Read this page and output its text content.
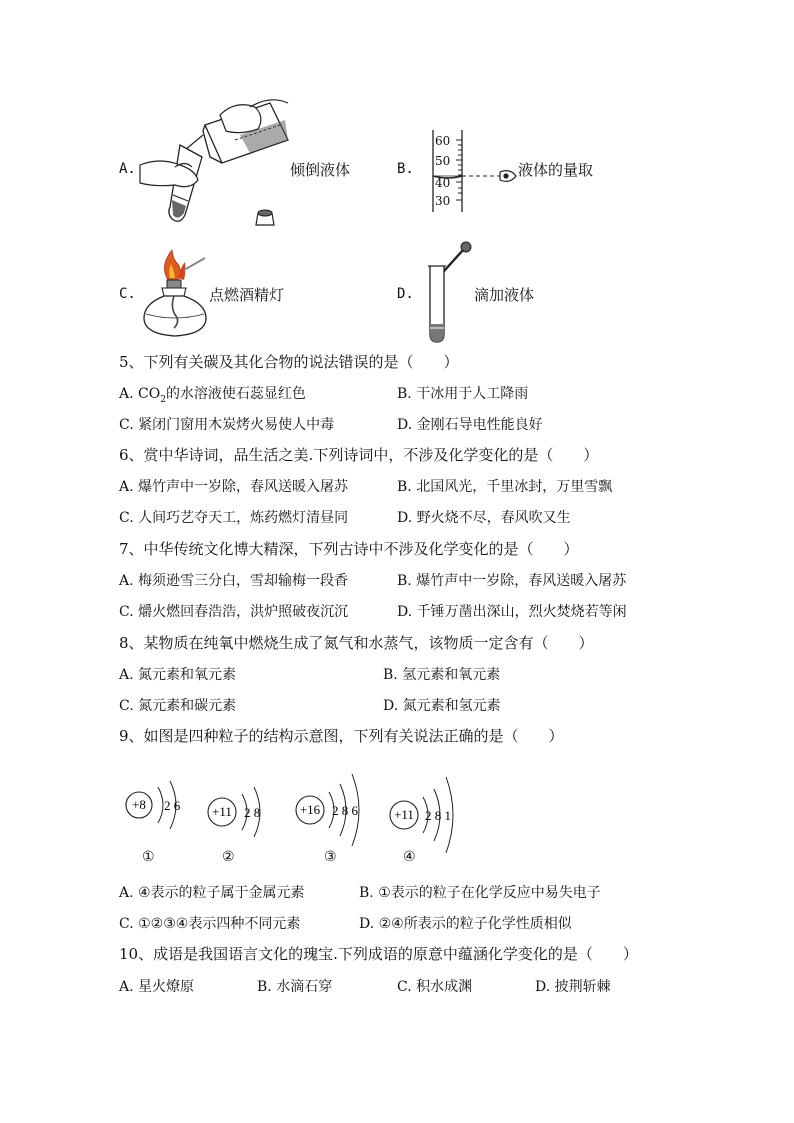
A.	倾倒液体	B.
60
50
40
30
液体的量取
C.	点燃酒精灯	D.	滴加液体
5、下列有关碳及其化合物的说法错误的是（　　）
A. $CO_2$的水溶液使石蕊显红色	B. 干冰用于人工降雨
C. 紧闭门窗用木炭烤火易使人中毒	D. 金刚石导电性能良好
6、赏中华诗词，品生活之美.下列诗词中，不涉及化学变化的是（　　）
A. 爆竹声中一岁除，春风送暖入屠苏	B. 北国风光，千里冰封，万里雪飘
C. 人间巧艺夺天工，炼药燃灯清昼同	D. 野火烧不尽，春风吹又生
7、中华传统文化博大精深，下列古诗中不涉及化学变化的是（　　）
A. 梅须逊雪三分白，雪却输梅一段香	B. 爆竹声中一岁除，春风送暖入屠苏
C. 爝火燃回春浩浩，洪炉照破夜沉沉	D. 千锤万凿出深山，烈火焚烧若等闲
8、某物质在纯氧中燃烧生成了氮气和水蒸气，该物质一定含有（　　）
A. 氮元素和氧元素	B. 氢元素和氧元素
C. 氮元素和碳元素	D. 氮元素和氢元素
9、如图是四种粒子的结构示意图，下列有关说法正确的是（　　）
+8 2 6
①
+11 2 8
②
+16 2 8 6
③
+11 2 8 1
④
A. ④表示的粒子属于金属元素	B. ①表示的粒子在化学反应中易失电子
C. ①②③④表示四种不同元素	D. ②④所表示的粒子化学性质相似
10、成语是我国语言文化的瑰宝.下列成语的原意中蕴涵化学变化的是（　　）
A. 星火燎原	B. 水滴石穿	C. 积水成渊	D. 披荆斩棘
